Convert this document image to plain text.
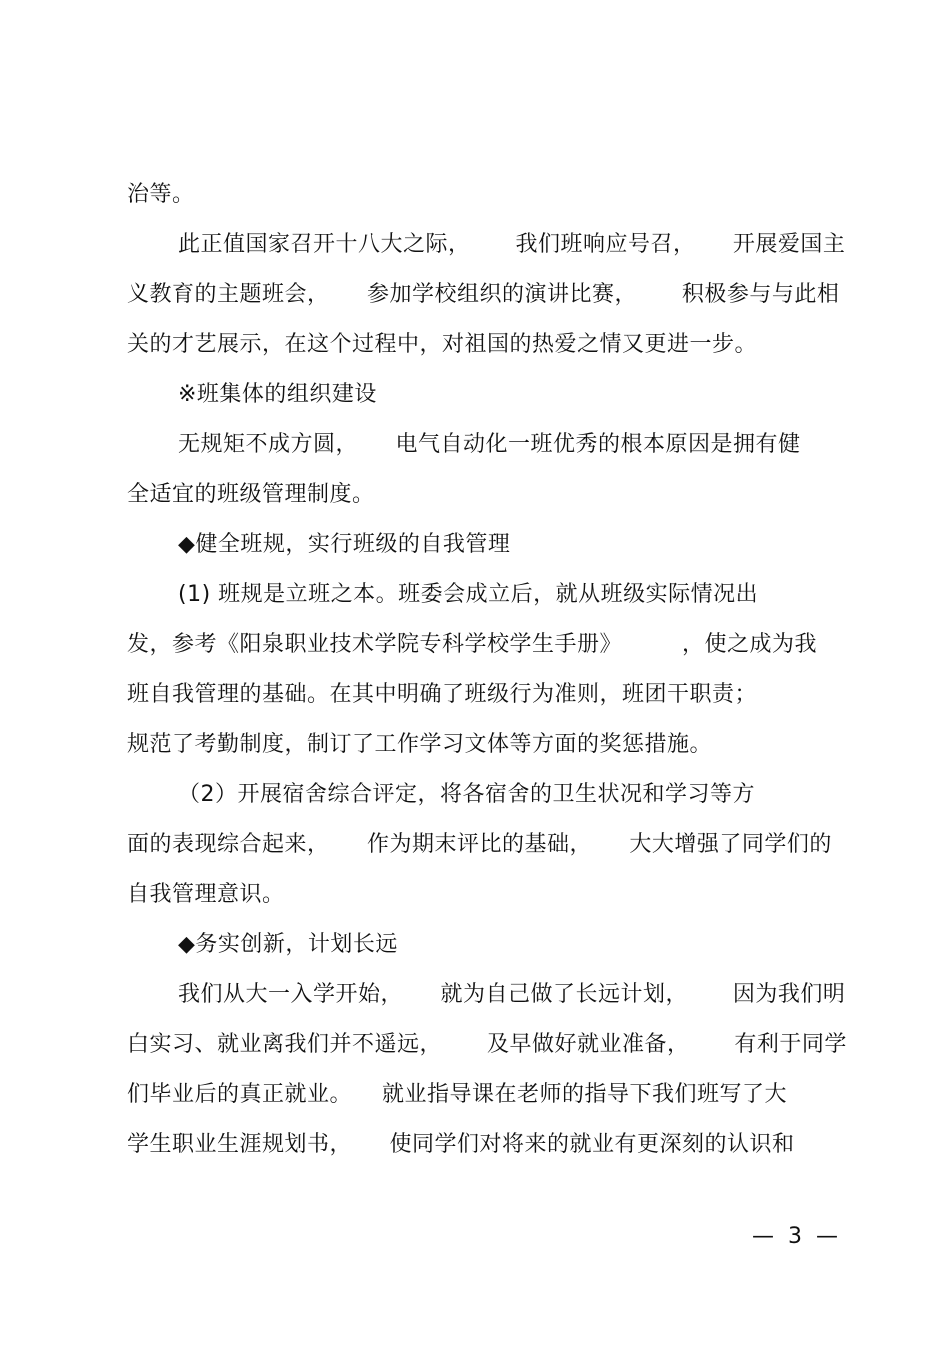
治等。
此正值国家召开十八大之际，      我们班响应号召，     开展爱国主
义教育的主题班会，     参加学校组织的演讲比赛，      积极参与与此相
关的才艺展示，在这个过程中，对祖国的热爱之情又更进一步。
※班集体的组织建设
无规矩不成方圆，     电气自动化一班优秀的根本原因是拥有健
全适宜的班级管理制度。
◆健全班规，实行班级的自我管理
(1) 班规是立班之本。班委会成立后，就从班级实际情况出
发，参考《阳泉职业技术学院专科学校学生手册》        ，使之成为我
班自我管理的基础。在其中明确了班级行为准则，班团干职责；
规范了考勤制度，制订了工作学习文体等方面的奖惩措施。
（2）开展宿舍综合评定，将各宿舍的卫生状况和学习等方
面的表现综合起来，     作为期末评比的基础，     大大增强了同学们的
自我管理意识。
◆务实创新，计划长远
我们从大一入学开始，     就为自己做了长远计划，      因为我们明
白实习、就业离我们并不遥远，      及早做好就业准备，      有利于同学
们毕业后的真正就业。    就业指导课在老师的指导下我们班写了大
学生职业生涯规划书，     使同学们对将来的就业有更深刻的认识和
—  3  —
